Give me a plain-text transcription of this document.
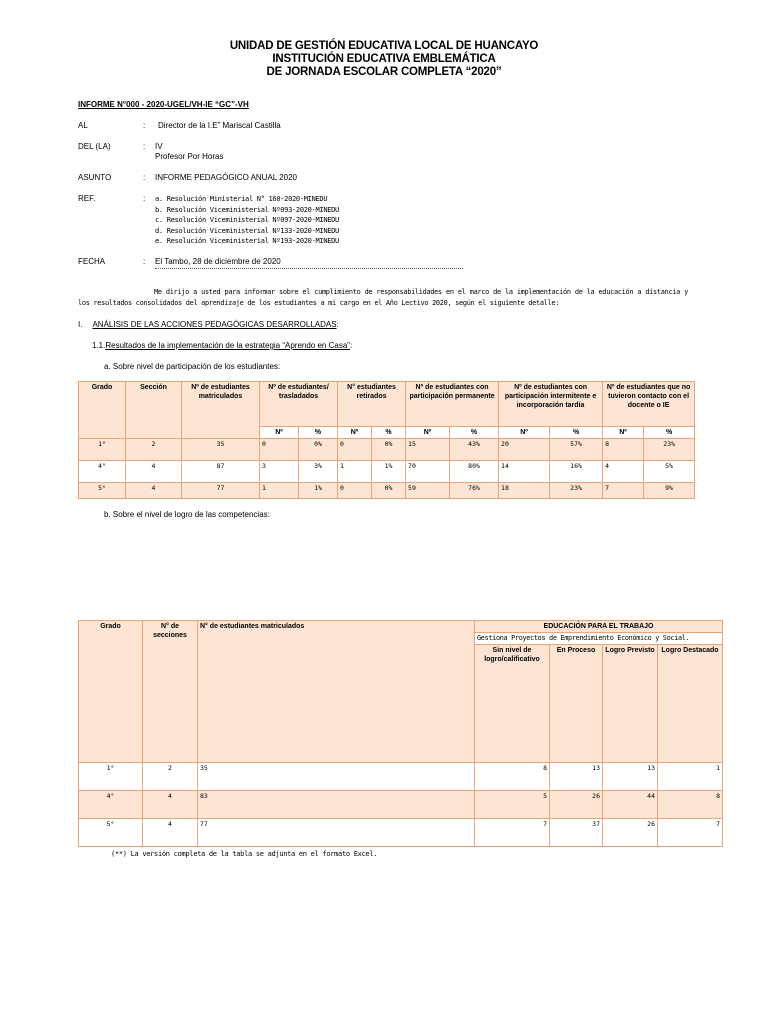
UNIDAD DE GESTIÓN EDUCATIVA LOCAL DE HUANCAYO
INSTITUCIÓN EDUCATIVA EMBLEMÁTICA
DE JORNADA ESCOLAR COMPLETA “2020”
INFORME N°000 - 2020-UGEL/VH-IE “GC”-VH
AL	: Director de la I.E” Mariscal Castilla
DEL (LA)	: IV
Profesor Por Horas
ASUNTO	: INFORME PEDAGÓGICO ANUAL 2020
REF.	: a. Resolución Ministerial N° 160-2020-MINEDU
b. Resolución Viceministerial Nº093-2020-MINEDU
c. Resolución Viceministerial Nº097-2020-MINEDU
d. Resolución Viceministerial Nº133-2020-MINEDU
e. Resolución Viceministerial Nº193-2020-MINEDU
FECHA	: El Tambo, 28 de diciembre de 2020
Me dirijo a usted para informar sobre el cumplimiento de responsabilidades en el marco de la implementación de la educación a distancia y los resultados consolidados del aprendizaje de los estudiantes a mi cargo en el Año Lectivo 2020, según el siguiente detalle:
I. ANÁLISIS DE LAS ACCIONES PEDAGÓGICAS DESARROLLADAS:
1.1.Resultados de la implementación de la estrategia “Aprendo en Casa”:
a. Sobre nivel de participación de los estudiantes:
Grado	Sección	Nº de estudiantes matriculados	Nº de estudiantes/ trasladados		N° estudiantes retirados		Nº de estudiantes con participación permanente		Nº de estudiantes con participación intermitente e incorporación tardía		Nº de estudiantes que no tuvieron contacto con el docente o IE	
			Nº	%	Nº	%	Nº	%	Nº	%	Nº	%
1°	2	35	0	0%	0	0%	15	43%	20	57%	8	23%
4°	4	87	3	3%	1	1%	70	80%	14	16%	4	5%
5°	4	77	1	1%	0	0%	59	76%	18	23%	7	9%
b. Sobre el nivel de logro de las competencias:
Grado	N° de secciones	N° de estudiantes matriculados	EDUCACIÓN PARA EL TRABAJO			
			Gestiona Proyectos de Emprendimiento Económico y Social.			
			Sin nivel de logro/calificativo	En Proceso	Logro Previsto	Logro Destacado
1°	2	35	8	13	13	1
4°	4	83	5	26	44	8
5°	4	77	7	37	26	7
(**) La versión completa de la tabla se adjunta en el formato Excel.
